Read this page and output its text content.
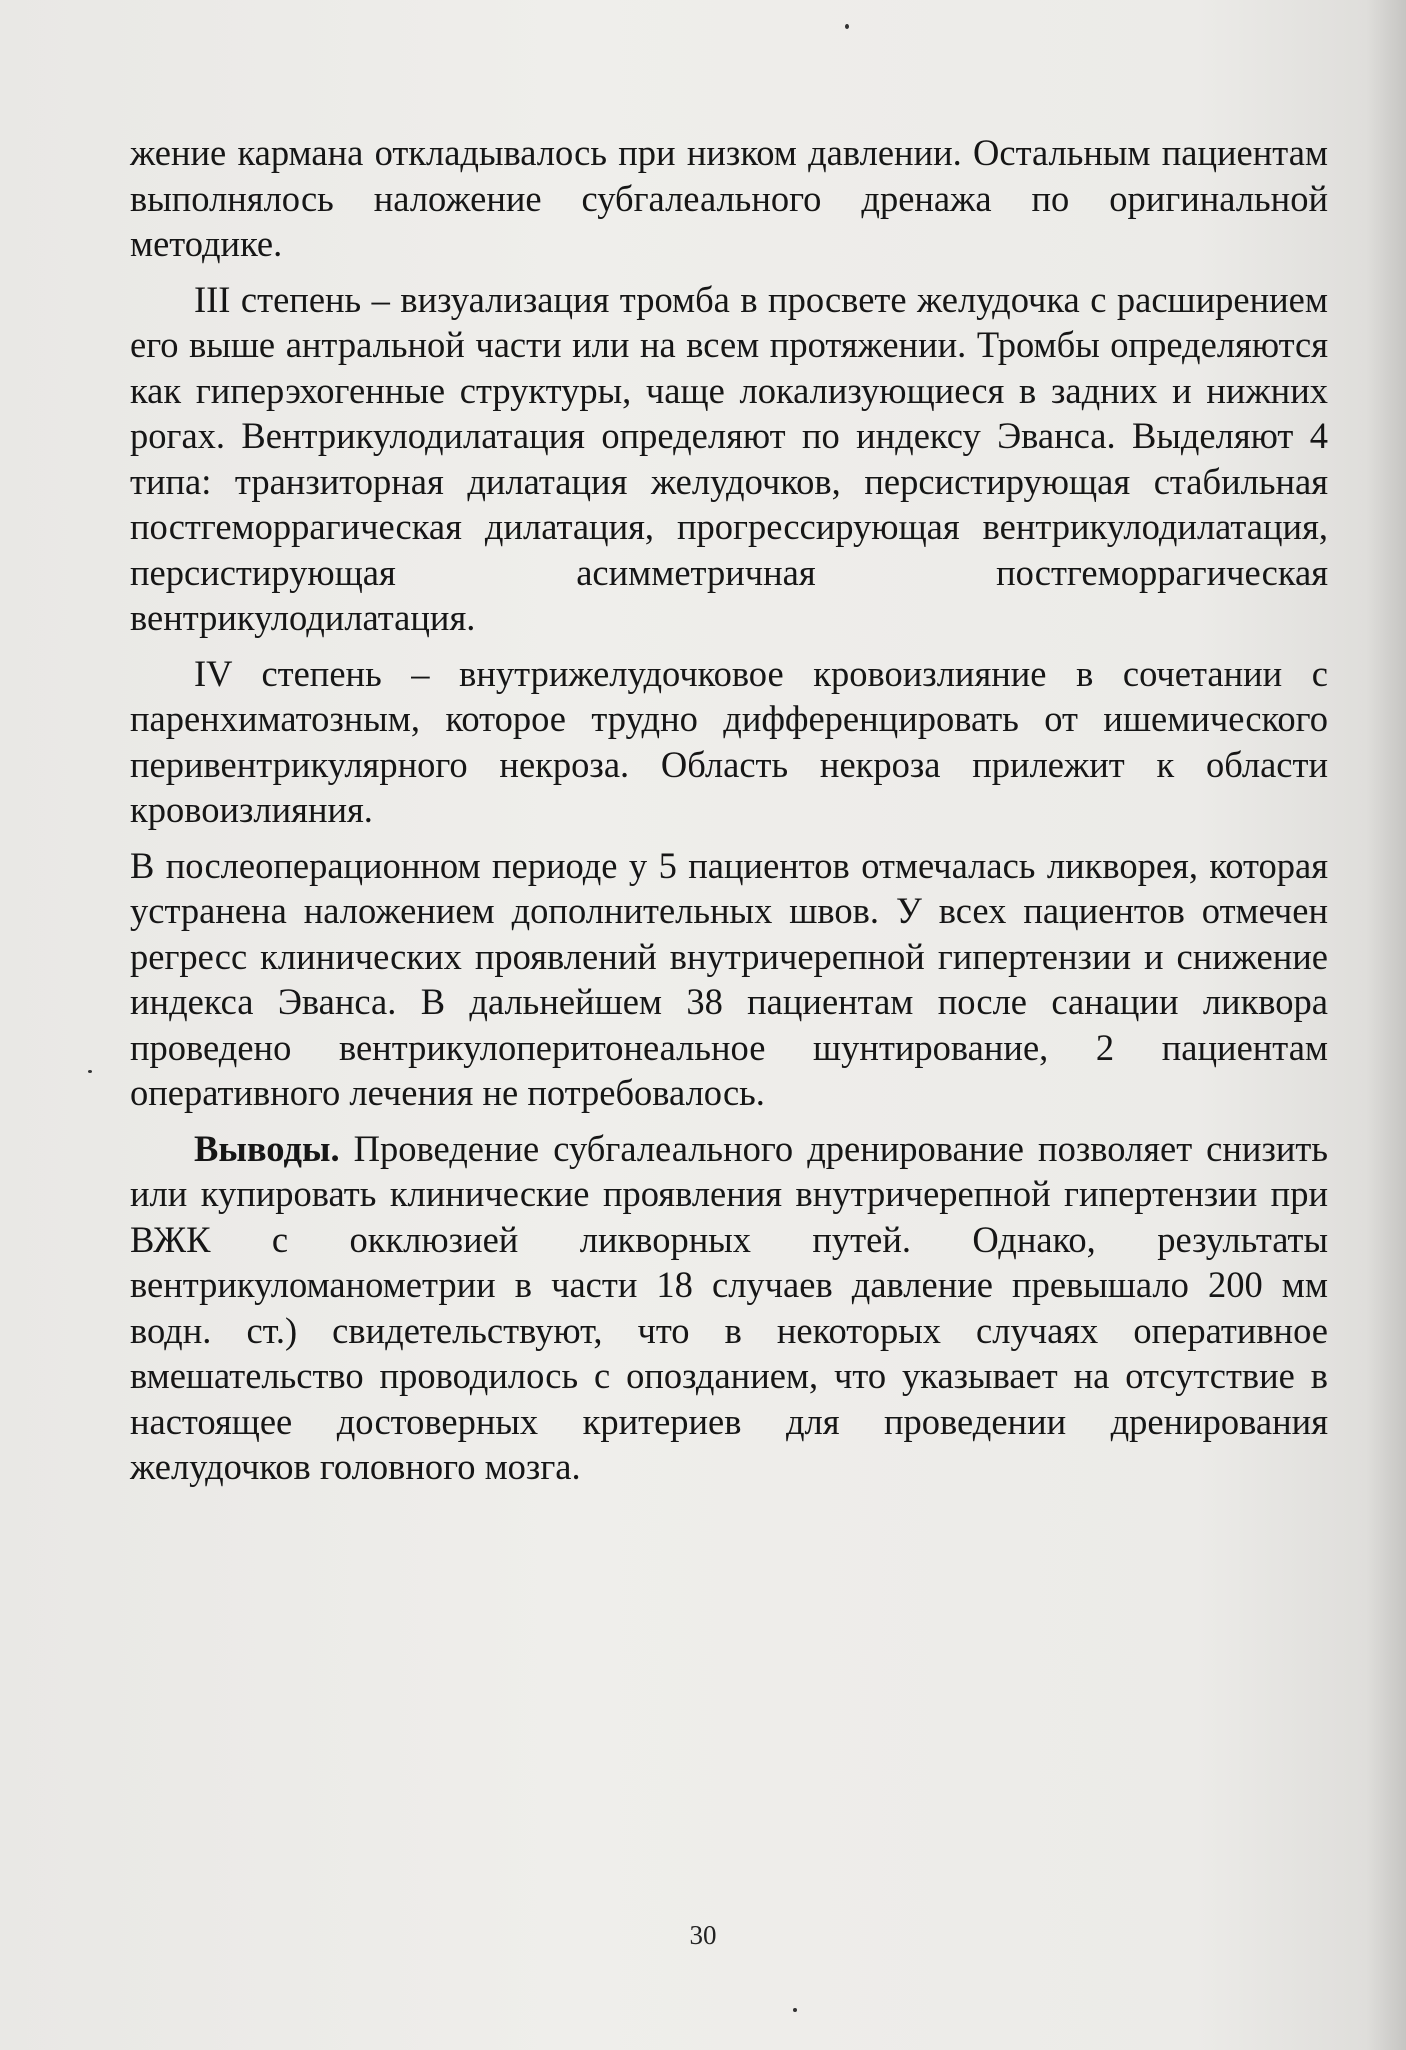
жение кармана откладывалось при низком давлении. Остальным пациентам выполнялось наложение субгалеального дренажа по оригинальной методике.

III степень – визуализация тромба в просвете желудочка с расширением его выше антральной части или на всем протяжении. Тромбы определяются как гиперэхогенные структуры, чаще локализующиеся в задних и нижних рогах. Вентрикулодилатация определяют по индексу Эванса. Выделяют 4 типа: транзиторная дилатация желудочков, персистирующая стабильная постгеморрагическая дилатация, прогрессирующая вентрикулодилатация, персистирующая асимметричная постгеморрагическая вентрикулодилатация.

IV степень – внутрижелудочковое кровоизлияние в сочетании с паренхиматозным, которое трудно дифференцировать от ишемического перивентрикулярного некроза. Область некроза прилежит к области кровоизлияния.

В послеоперационном периоде у 5 пациентов отмечалась ликворея, которая устранена наложением дополнительных швов. У всех пациентов отмечен регресс клинических проявлений внутричерепной гипертензии и снижение индекса Эванса. В дальнейшем 38 пациентам после санации ликвора проведено вентрикулоперитонеальное шунтирование, 2 пациентам оперативного лечения не потребовалось.

Выводы. Проведение субгалеального дренирование позволяет снизить или купировать клинические проявления внутричерепной гипертензии при ВЖК с окклюзией ликворных путей. Однако, результаты вентрикуломанометрии в части 18 случаев давление превышало 200 мм водн. ст.) свидетельствуют, что в некоторых случаях оперативное вмешательство проводилось с опозданием, что указывает на отсутствие в настоящее достоверных критериев для проведении дренирования желудочков головного мозга.

30
